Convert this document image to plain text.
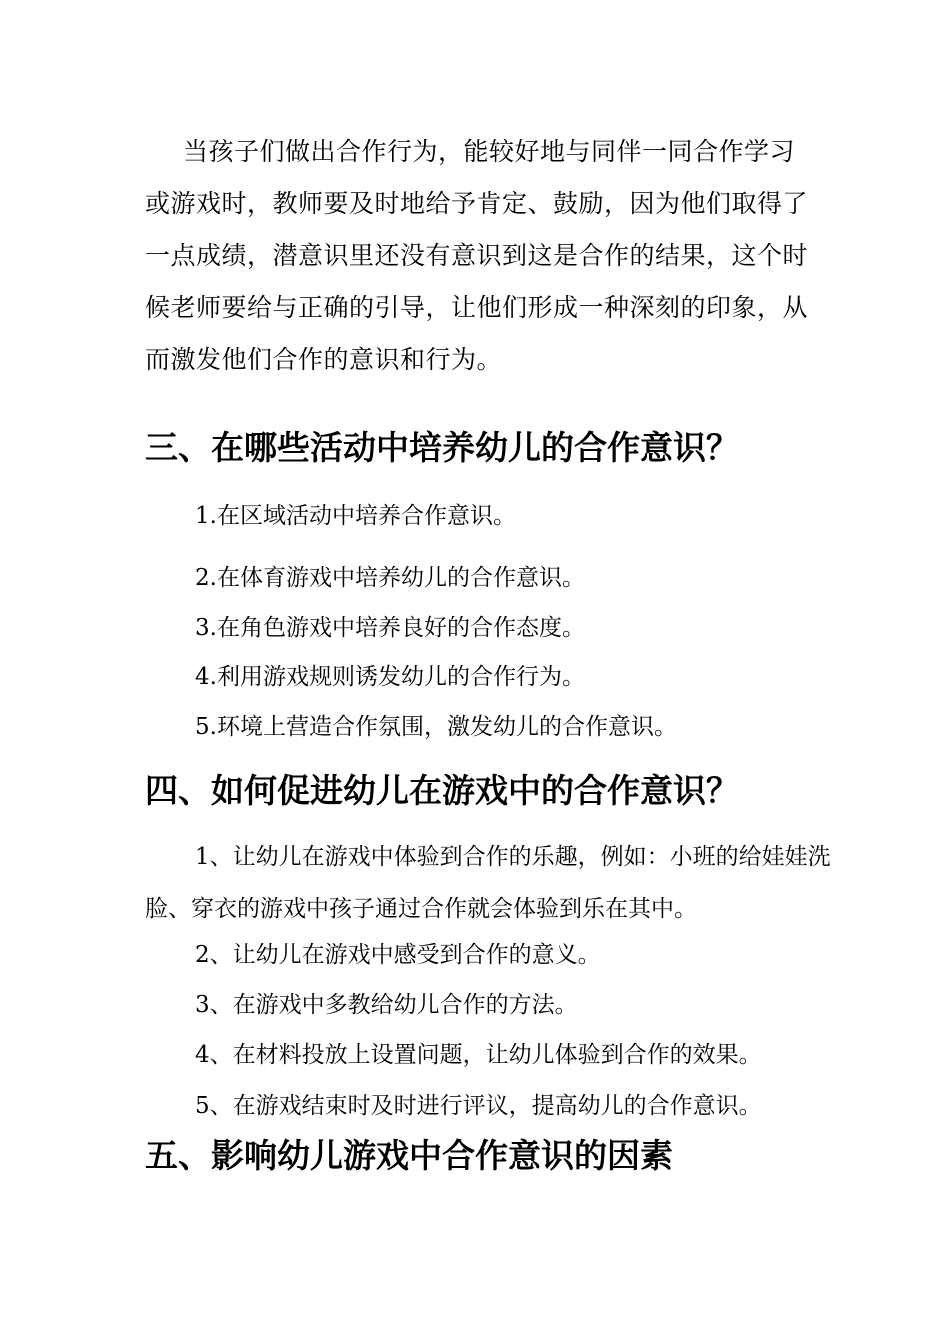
当孩子们做出合作行为，能较好地与同伴一同合作学习或游戏时，教师要及时地给予肯定、鼓励，因为他们取得了一点成绩，潜意识里还没有意识到这是合作的结果，这个时候老师要给与正确的引导，让他们形成一种深刻的印象，从而激发他们合作的意识和行为。

三、在哪些活动中培养幼儿的合作意识？

1.在区域活动中培养合作意识。

2.在体育游戏中培养幼儿的合作意识。

3.在角色游戏中培养良好的合作态度。

4.利用游戏规则诱发幼儿的合作行为。

5.环境上营造合作氛围，激发幼儿的合作意识。

四、如何促进幼儿在游戏中的合作意识？

1、让幼儿在游戏中体验到合作的乐趣，例如：小班的给娃娃洗脸、穿衣的游戏中孩子通过合作就会体验到乐在其中。

2、让幼儿在游戏中感受到合作的意义。

3、在游戏中多教给幼儿合作的方法。

4、在材料投放上设置问题，让幼儿体验到合作的效果。

5、在游戏结束时及时进行评议，提高幼儿的合作意识。

五、影响幼儿游戏中合作意识的因素
